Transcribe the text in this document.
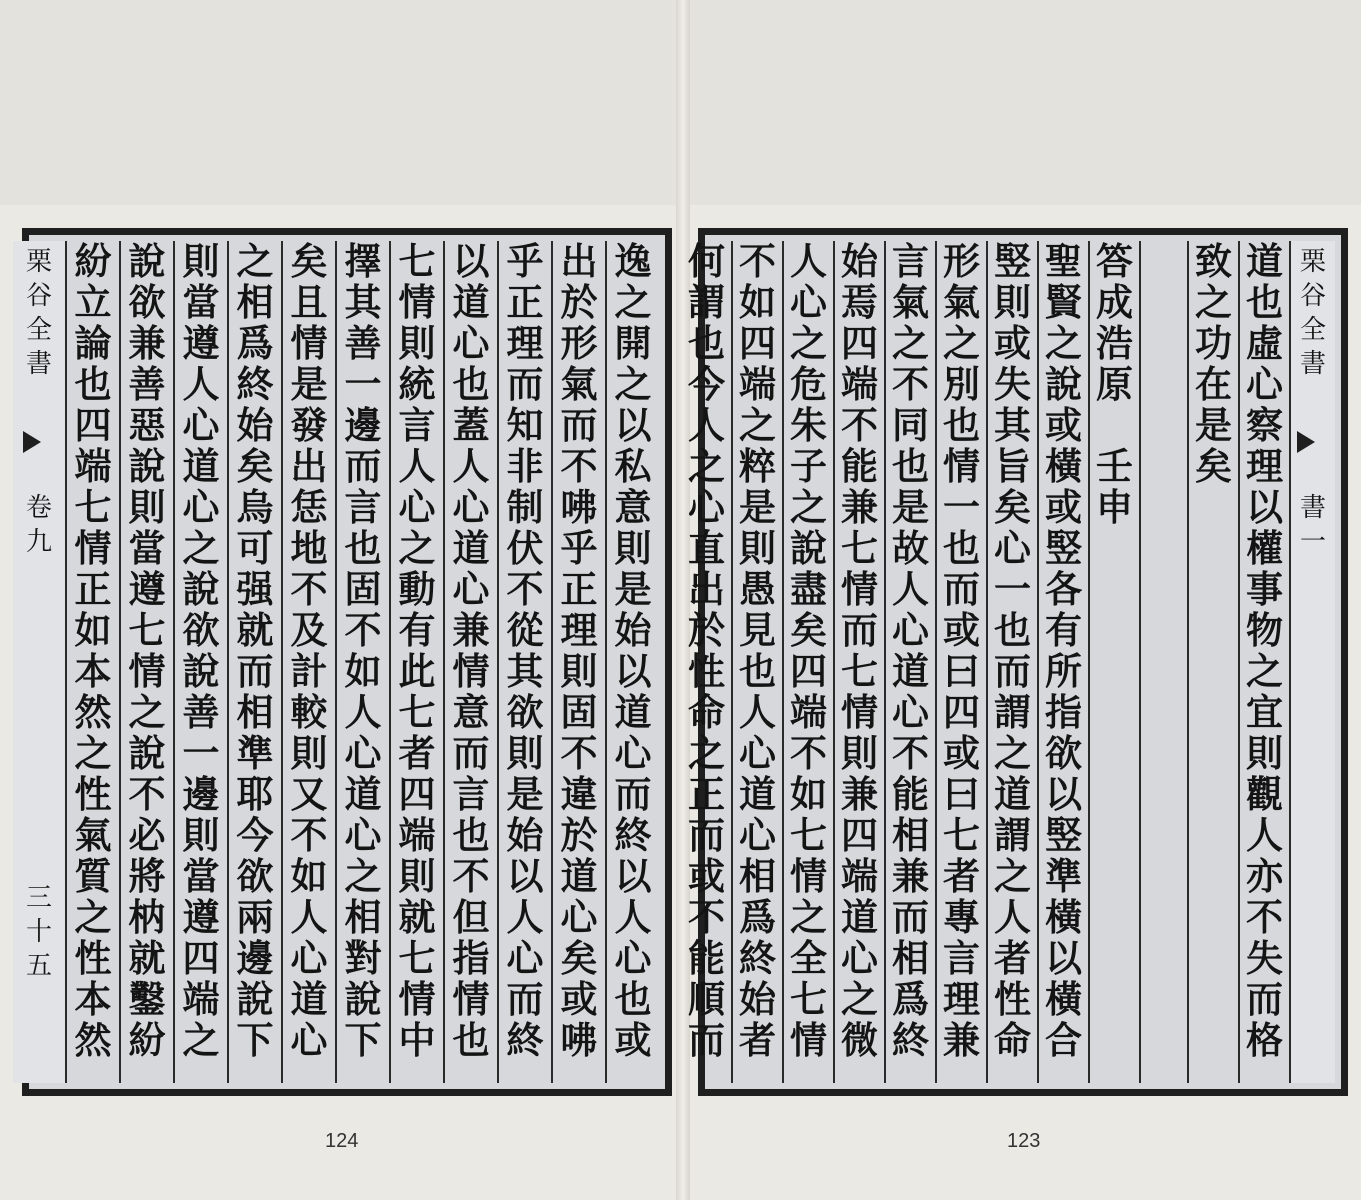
逸
之
開
之
以
私
意
則
是
始
以
道
心
而
終
以
人
心
也
或
出
於
形
氣
而
不
咈
乎
正
理
則
固
不
違
於
道
心
矣
或
咈
乎
正
理
而
知
非
制
伏
不
從
其
欲
則
是
始
以
人
心
而
終
以
道
心
也
蓋
人
心
道
心
兼
情
意
而
言
也
不
但
指
情
也
七
情
則
統
言
人
心
之
動
有
此
七
者
四
端
則
就
七
情
中
擇
其
善
一
邊
而
言
也
固
不
如
人
心
道
心
之
相
對
說
下
矣
且
情
是
發
出
恁
地
不
及
計
較
則
又
不
如
人
心
道
心
之
相
爲
終
始
矣
烏
可
强
就
而
相
準
耶
今
欲
兩
邊
說
下
則
當
遵
人
心
道
心
之
說
欲
說
善
一
邊
則
當
遵
四
端
之
說
欲
兼
善
惡
說
則
當
遵
七
情
之
說
不
必
將
枘
就
鑿
紛
紛
立
論
也
四
端
七
情
正
如
本
然
之
性
氣
質
之
性
本
然
栗
谷
全
書
卷
九
三
十
五
栗
谷
全
書
書
一
道
也
虛
心
察
理
以
權
事
物
之
宜
則
觀
人
亦
不
失
而
格
致
之
功
在
是
矣
答
成
浩
原

壬
申
聖
賢
之
說
或
橫
或
竪
各
有
所
指
欲
以
竪
準
橫
以
橫
合
竪
則
或
失
其
旨
矣
心
一
也
而
謂
之
道
謂
之
人
者
性
命
形
氣
之
別
也
情
一
也
而
或
曰
四
或
曰
七
者
專
言
理
兼
言
氣
之
不
同
也
是
故
人
心
道
心
不
能
相
兼
而
相
爲
終
始
焉
四
端
不
能
兼
七
情
而
七
情
則
兼
四
端
道
心
之
微
人
心
之
危
朱
子
之
說
盡
矣
四
端
不
如
七
情
之
全
七
情
不
如
四
端
之
粹
是
則
愚
見
也
人
心
道
心
相
爲
終
始
者
何
謂
也
今
人
之
心
直
出
於
性
命
之
正
而
或
不
能
順
而
124	123
